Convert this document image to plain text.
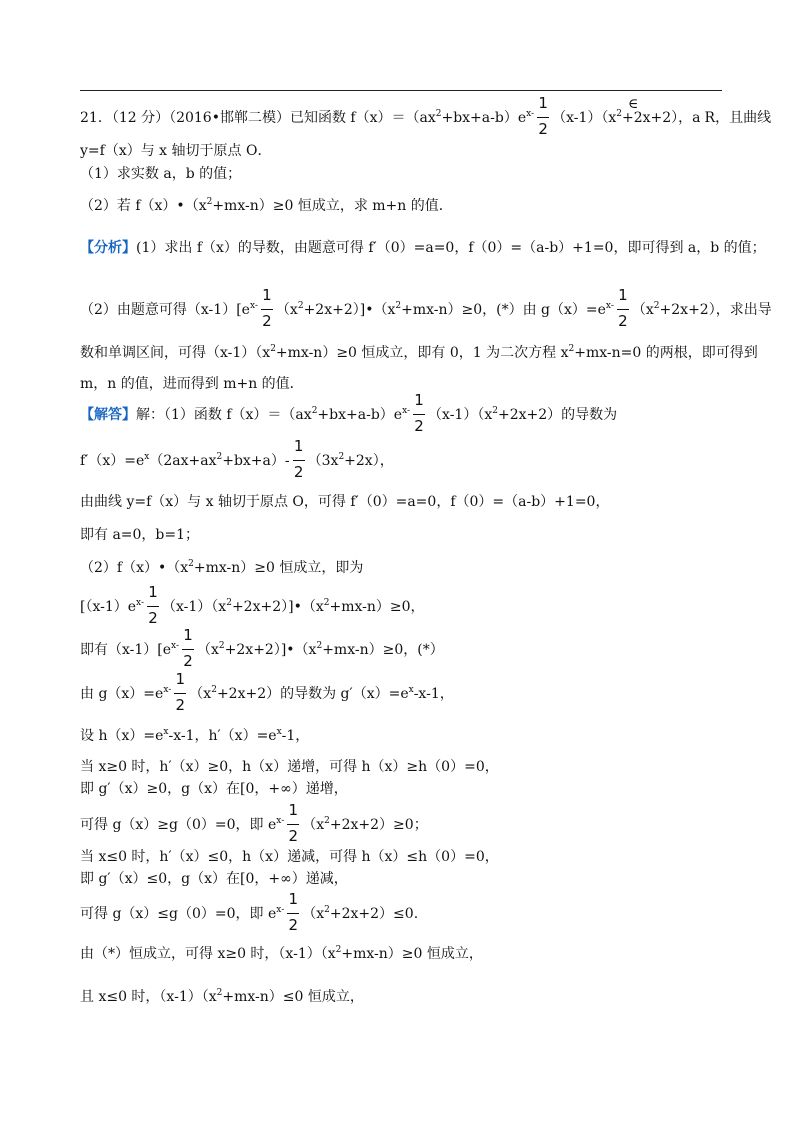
21．（12 分）（2016•邯郸二模）已知函数 $f(x)=(ax^2+bx+a-b)e^{x-} \frac{1}{2} (x-1)(x^2+2x+2)$，a R，且曲线
∈
y=f（x）与 x 轴切于原点 O．
（1）求实数 a，b 的值；
（2）若 $f(x)•(x^2+mx-n)\ge 0$ 恒成立，求 m+n 的值．
【分析】(1）求出 f（x）的导数，由题意可得 f′（0）=a=0，f（0）=（a-b）+1=0，即可得到 a，b 的值；
（2）由题意可得$(x-1)[e^{x-} \frac{1}{2}$ $(x^2+2x+2)]•(x^2+mx-n)\ge 0$，(*）由 $g(x)=e^{x-} \frac{1}{2} (x^2+2x+2)$，求出导
数和单调区间，可得$(x-1)(x^2+mx-n)\ge 0$ 恒成立，即有 0，1 为二次方程 $x^2+mx-n=0$ 的两根，即可得到
m，n 的值，进而得到 m+n 的值．
【解答】解：（1）函数 $f(x)=(ax^2+bx+a-b)e^{x-} \frac{1}{2} (x-1)(x^2+2x+2)$的导数为
$f'(x)=e^x(2ax+ax^2+bx+a)- \frac{1}{2} (3x^2+2x)$，
由曲线 y=f（x）与 x 轴切于原点 O，可得 f′（0）=a=0，f（0）=（a-b）+1=0，
即有 a=0，b=1；
$(2)f(x)•(x^2+mx-n)\ge 0$ 恒成立，即为
[$(x-1)e^{x-} \frac{1}{2}$ $(x-1)(x^2+2x+2)]•(x^2+mx-n)\ge 0$，
即有$(x-1)[e^{x-} \frac{1}{2}$ $(x^2+2x+2)]•(x^2+mx-n)\ge 0$，(*）
由 $g(x)=e^{x-} \frac{1}{2} (x^2+2x+2)$的导数为 $g'(x)=e^x-x-1$，
设 $h(x)=e^x-x-1$，$h'(x)=e^x-1$，
当 x≥0 时，h′（x）≥0，h（x）递增，可得 h（x）≥h（0）=0，
即 g′（x）≥0，g（x）在[0，+∞）递增，
可得 g（x）≥g（0）=0，即 $e^{x-} \frac{1}{2} (x^2+2x+2)\ge 0$；
当 x≤0 时，h′（x）≤0，h（x）递减，可得 h（x）≤h（0）=0，
即 g′（x）≤0，g（x）在[0，+∞）递减，
可得 g（x）≤g（0）=0，即 $e^{x-} \frac{1}{2} (x^2+2x+2)\le 0$.
由（*）恒成立，可得 x≥0 时，$(x-1)(x^2+mx-n)\ge 0$ 恒成立，
且 x≤0 时，$(x-1)(x^2+mx-n)\le 0$ 恒成立，
